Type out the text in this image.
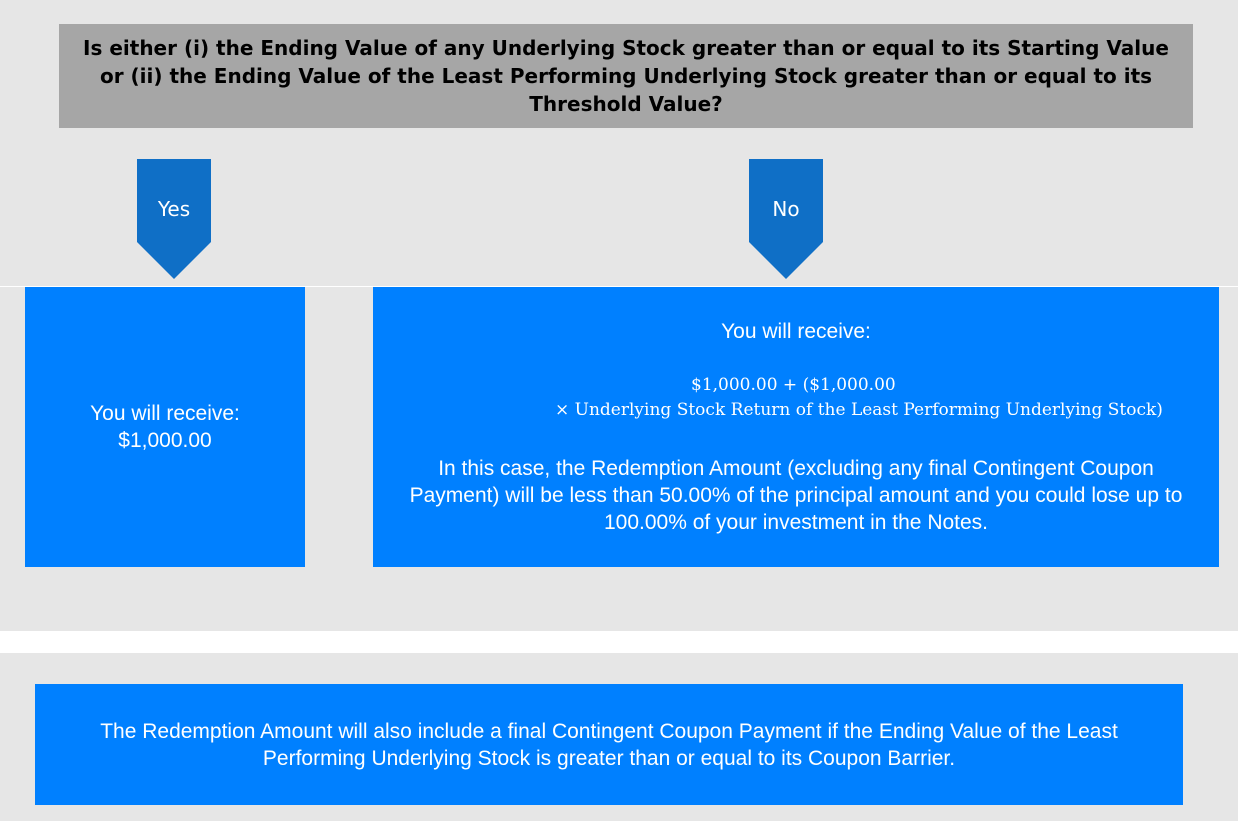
Is either (i) the Ending Value of any Underlying Stock greater than or equal to its Starting Value or (ii) the Ending Value of the Least Performing Underlying Stock greater than or equal to its Threshold Value?
Yes	No
You will receive:
$1,000.00
You will receive:
$1,000.00 + ($1,000.00
× Underlying Stock Return of the Least Performing Underlying Stock)
In this case, the Redemption Amount (excluding any final Contingent Coupon Payment) will be less than 50.00% of the principal amount and you could lose up to 100.00% of your investment in the Notes.
The Redemption Amount will also include a final Contingent Coupon Payment if the Ending Value of the Least Performing Underlying Stock is greater than or equal to its Coupon Barrier.
